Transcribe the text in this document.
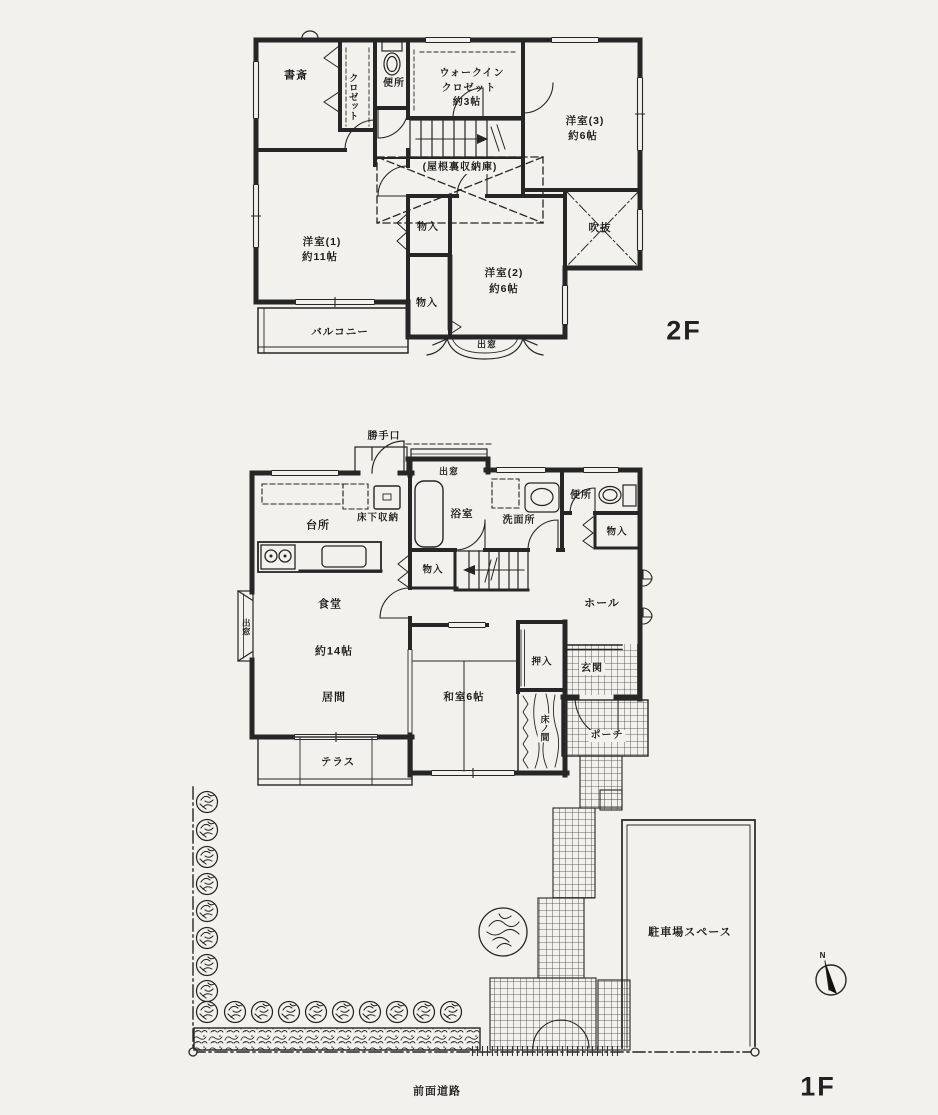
書斎	クロゼット	便所
ウォークイン
クロゼット
約3帖
洋室(3)
約6帖
(屋根裏収納庫)
物入
洋室(1)
約11帖
洋室(2)
約6帖
吹抜
物入
バルコニー
出窓	2F
勝手口
出窓
床下収納
台所
浴室
洗面所
便所
物入
物入
ホール
食堂
約14帖
居間	和室6帖
押入
床ノ間
玄関
ポーチ
テラス
出窓
駐車場スペース
前面道路	1F
N
